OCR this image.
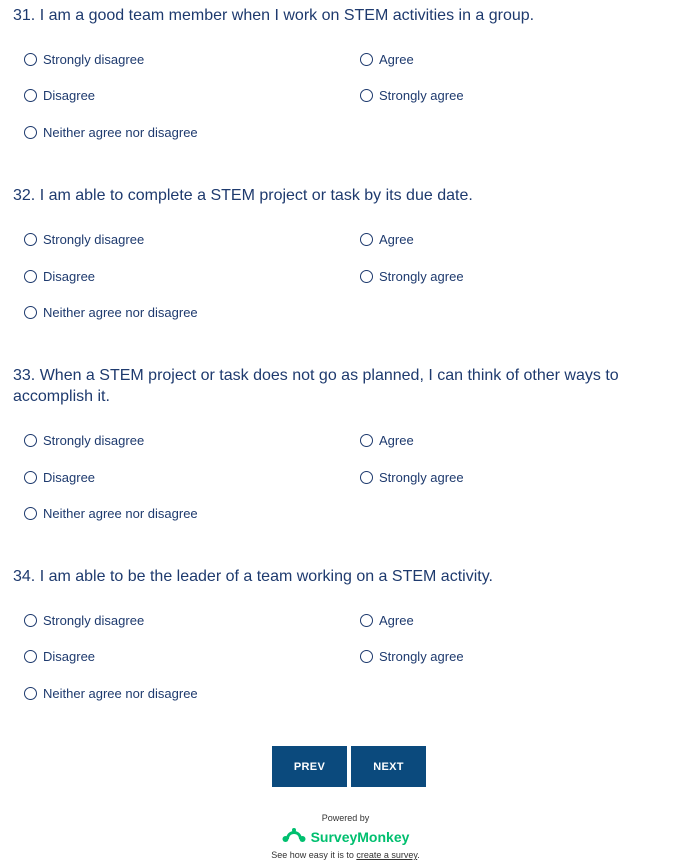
31. I am a good team member when I work on STEM activities in a group.

Strongly disagree	Agree
Disagree	Strongly agree
Neither agree nor disagree

32. I am able to complete a STEM project or task by its due date.

Strongly disagree	Agree
Disagree	Strongly agree
Neither agree nor disagree

33. When a STEM project or task does not go as planned, I can think of other ways to accomplish it.

Strongly disagree	Agree
Disagree	Strongly agree
Neither agree nor disagree

34. I am able to be the leader of a team working on a STEM activity.

Strongly disagree	Agree
Disagree	Strongly agree
Neither agree nor disagree
PREV	NEXT
Powered by
SurveyMonkey
See how easy it is to create a survey.
